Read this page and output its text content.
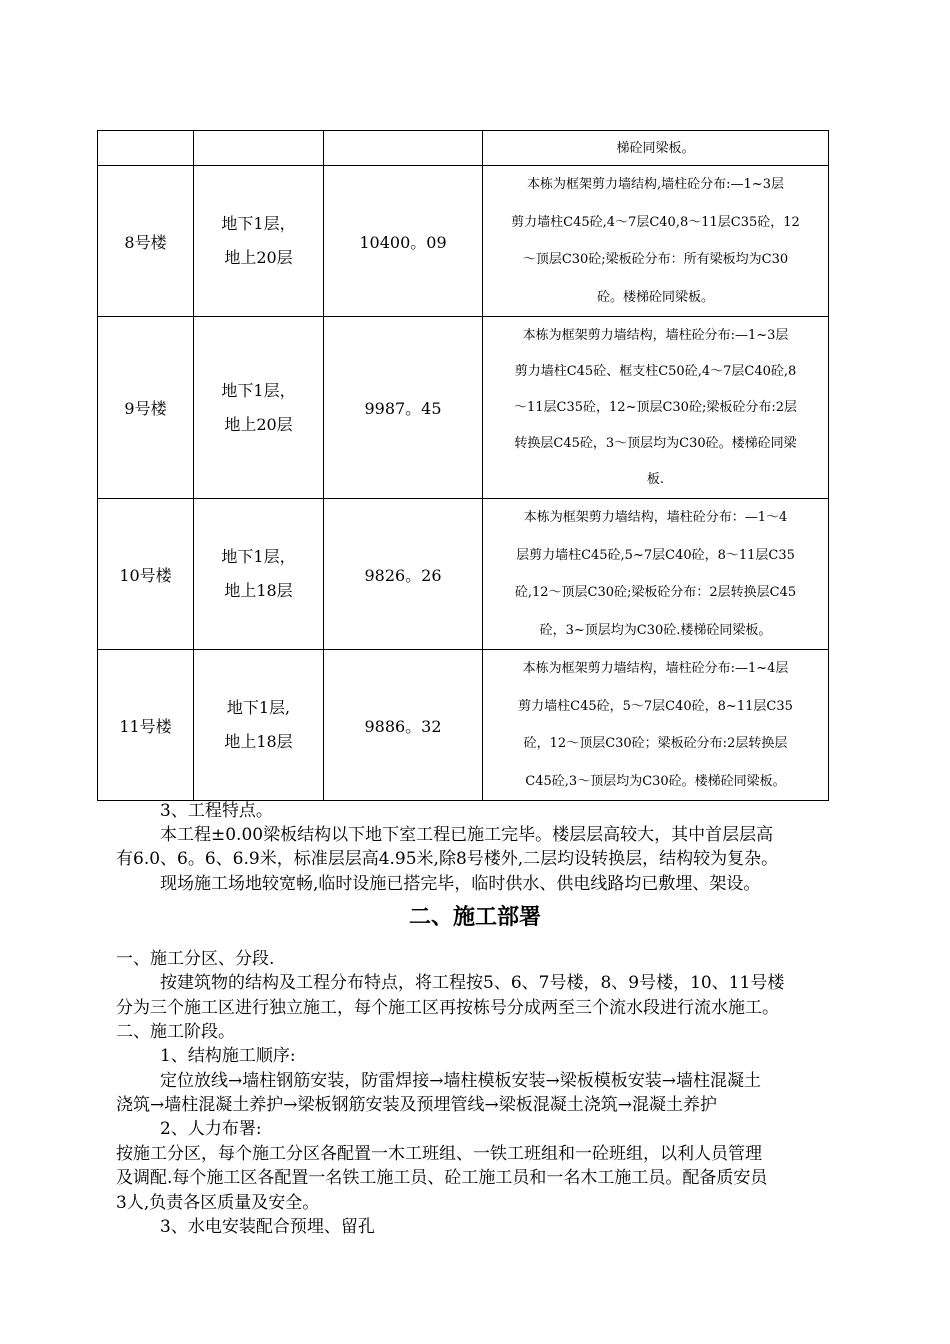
			梯砼同梁板。

8号楼	地下1层，
地上20层	10400。09	本栋为框架剪力墙结构,墙柱砼分布:—1~3层
剪力墙柱C45砼,4～7层C40,8～11层C35砼，12
～顶层C30砼;梁板砼分布：所有梁板均为C30
砼。楼梯砼同梁板。

9号楼	地下1层，
地上20层	9987。45	本栋为框架剪力墙结构，墙柱砼分布:—1~3层
剪力墙柱C45砼、框支柱C50砼,4～7层C40砼,8
～11层C35砼，12~顶层C30砼;梁板砼分布:2层
转换层C45砼，3～顶层均为C30砼。楼梯砼同梁
板.

10号楼	地下1层，
地上18层	9826。26	本栋为框架剪力墙结构，墙柱砼分布：—1～4
层剪力墙柱C45砼,5~7层C40砼，8～11层C35
砼,12～顶层C30砼;梁板砼分布：2层转换层C45
砼，3~顶层均为C30砼.楼梯砼同梁板。

11号楼	地下1层,
地上18层	9886。32	本栋为框架剪力墙结构，墙柱砼分布:—1~4层
剪力墙柱C45砼，5～7层C40砼，8~11层C35
砼，12～顶层C30砼；梁板砼分布:2层转换层
C45砼,3～顶层均为C30砼。楼梯砼同梁板。
3、工程特点。
本工程±0.00梁板结构以下地下室工程已施工完毕。楼层层高较大，其中首层层高
有6.0、6。6、6.9米，标准层层高4.95米,除8号楼外,二层均设转换层，结构较为复杂。
现场施工场地较宽畅,临时设施已搭完毕，临时供水、供电线路均已敷埋、架设。
二、施工部署
一、施工分区、分段.
按建筑物的结构及工程分布特点，将工程按5、6、7号楼，8、9号楼，10、11号楼
分为三个施工区进行独立施工，每个施工区再按栋号分成两至三个流水段进行流水施工。
二、施工阶段。
1、结构施工顺序:
定位放线→墙柱钢筋安装，防雷焊接→墙柱模板安装→梁板模板安装→墙柱混凝土
浇筑→墙柱混凝土养护→梁板钢筋安装及预埋管线→梁板混凝土浇筑→混凝土养护
2、人力布署:
按施工分区，每个施工分区各配置一木工班组、一铁工班组和一砼班组，以利人员管理
及调配.每个施工区各配置一名铁工施工员、砼工施工员和一名木工施工员。配备质安员
3人,负责各区质量及安全。
3、水电安装配合预埋、留孔
